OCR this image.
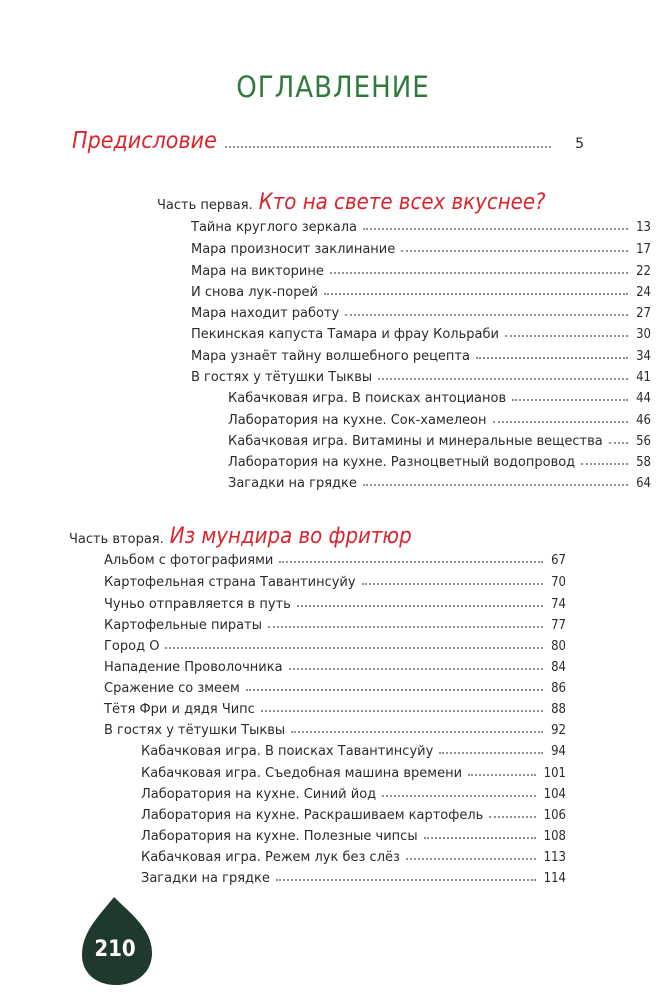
ОГЛАВЛЕНИЕ
Предисловие	5
Часть первая. Кто на свете всех вкуснее?
Тайна круглого зеркала	13
Мара произносит заклинание	17
Мара на викторине	22
И снова лук-порей	24
Мара находит работу	27
Пекинская капуста Тамара и фрау Кольраби	30
Мара узнаёт тайну волшебного рецепта	34
В гостях у тётушки Тыквы	41
Кабачковая игра. В поисках антоцианов	44
Лаборатория на кухне. Сок-хамелеон	46
Кабачковая игра. Витамины и минеральные вещества	56
Лаборатория на кухне. Разноцветный водопровод	58
Загадки на грядке	64
Часть вторая. Из мундира во фритюр
Альбом с фотографиями	67
Картофельная страна Тавантинсуйу	70
Чуньо отправляется в путь	74
Картофельные пираты	77
Город О	80
Нападение Проволочника	84
Сражение со змеем	86
Тётя Фри и дядя Чипс	88
В гостях у тётушки Тыквы	92
Кабачковая игра. В поисках Тавантинсуйу	94
Кабачковая игра. Съедобная машина времени	101
Лаборатория на кухне. Синий йод	104
Лаборатория на кухне. Раскрашиваем картофель	106
Лаборатория на кухне. Полезные чипсы	108
Кабачковая игра. Режем лук без слёз	113
Загадки на грядке	114
210
